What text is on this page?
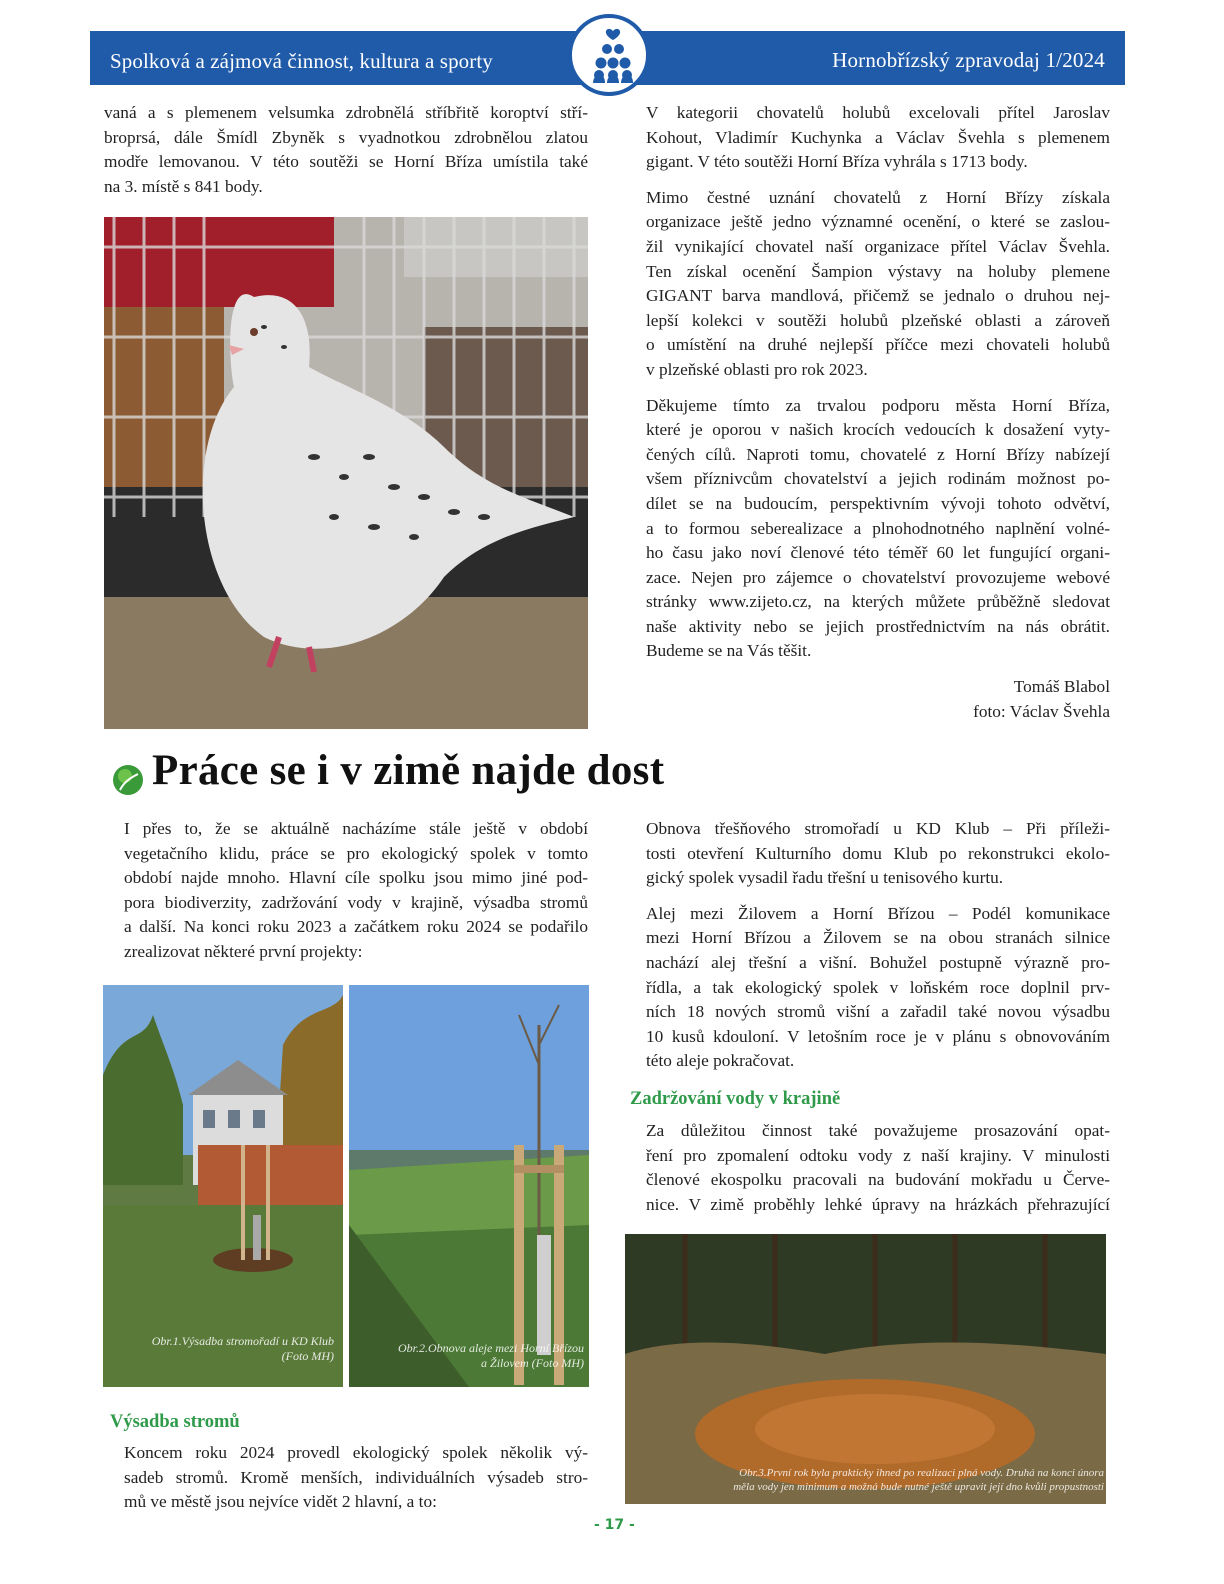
Spolková a zájmová činnost, kultura a sporty	Hornobřízský zpravodaj 1/2024

vaná a s plemenem velsumka zdrobnělá stříbřitě koroptví stří-
broprsá, dále Šmídl Zbyněk s vyadnotkou zdrobnělou zlatou
modře lemovanou. V této soutěži se Horní Bříza umístila také
na 3. místě s 841 body.

V kategorii chovatelů holubů excelovali přítel Jaroslav
Kohout, Vladimír Kuchynka a Václav Švehla s plemenem
gigant. V této soutěži Horní Bříza vyhrála s 1713 body.

Mimo čestné uznání chovatelů z Horní Břízy získala
organizace ještě jedno významné ocenění, o které se zaslou-
žil vynikající chovatel naší organizace přítel Václav Švehla.
Ten získal ocenění Šampion výstavy na holuby plemene
GIGANT barva mandlová, přičemž se jednalo o druhou nej-
lepší kolekci v soutěži holubů plzeňské oblasti a zároveň
o umístění na druhé nejlepší příčce mezi chovateli holubů
v plzeňské oblasti pro rok 2023.

Děkujeme tímto za trvalou podporu města Horní Bříza,
které je oporou v našich krocích vedoucích k dosažení vyty-
čených cílů. Naproti tomu, chovatelé z Horní Břízy nabízejí
všem příznivcům chovatelství a jejich rodinám možnost po-
dílet se na budoucím, perspektivním vývoji tohoto odvětví,
a to formou seberealizace a plnohodnotného naplnění volné-
ho času jako noví členové této téměř 60 let fungující organi-
zace. Nejen pro zájemce o chovatelství provozujeme webové
stránky www.zijeto.cz, na kterých můžete průběžně sledovat
naše aktivity nebo se jejich prostřednictvím na nás obrátit.
Budeme se na Vás těšit.

Tomáš Blabol
foto: Václav Švehla
Práce se i v zimě najde dost

I přes to, že se aktuálně nacházíme stále ještě v období
vegetačního klidu, práce se pro ekologický spolek v tomto
období najde mnoho. Hlavní cíle spolku jsou mimo jiné pod-
pora biodiverzity, zadržování vody v krajině, výsadba stromů
a další. Na konci roku 2023 a začátkem roku 2024 se podařilo
zrealizovat některé první projekty:

Obr.1.Výsadba stromořadí u KD Klub
(Foto MH)
Obr.2.Obnova aleje mezi Horní Břízou
a Žilovem (Foto MH)
Výsadba stromů

Koncem roku 2024 provedl ekologický spolek několik vý-
sadeb stromů. Kromě menších, individuálních výsadeb stro-
mů ve městě jsou nejvíce vidět 2 hlavní, a to:

Obnova třešňového stromořadí u KD Klub – Při příleži-
tosti otevření Kulturního domu Klub po rekonstrukci ekolo-
gický spolek vysadil řadu třešní u tenisového kurtu.

Alej mezi Žilovem a Horní Břízou – Podél komunikace
mezi Horní Břízou a Žilovem se na obou stranách silnice
nachází alej třešní a višní. Bohužel postupně výrazně pro-
řídla, a tak ekologický spolek v loňském roce doplnil prv-
ních 18 nových stromů višní a zařadil také novou výsadbu
10 kusů kdouloní. V letošním roce je v plánu s obnovováním
této aleje pokračovat.

Zadržování vody v krajině

Za důležitou činnost také považujeme prosazování opat-
ření pro zpomalení odtoku vody z naší krajiny. V minulosti
členové ekospolku pracovali na budování mokřadu u Červe-
nice. V zimě proběhly lehké úpravy na hrázkách přehrazující

Obr.3.První rok byla prakticky ihned po realizaci plná vody. Druhá na konci února
měla vody jen minimum a možná bude nutné ještě upravit její dno kvůli propustnosti
- 17 -
